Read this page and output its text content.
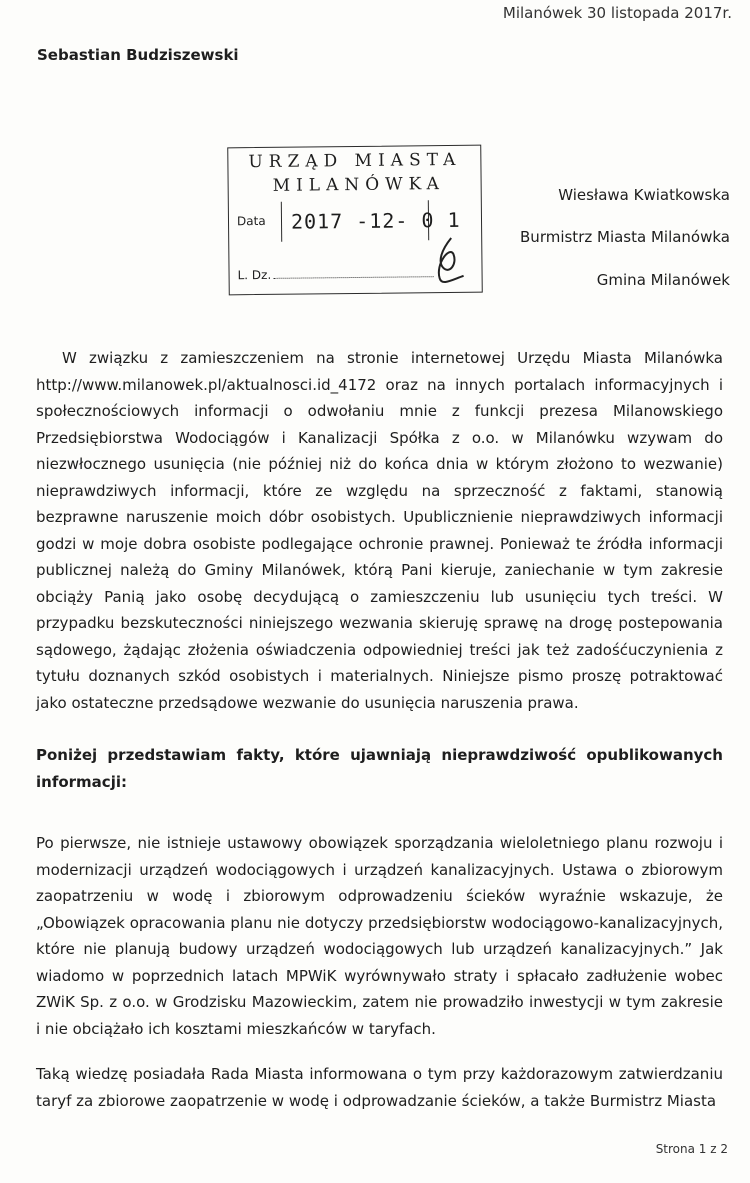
Milanówek 30 listopada 2017r.
Sebastian Budziszewski
URZĄD MIASTA
MILANÓWKA
Data 2017 -12- 0 1
L. Dz.
Wiesława Kwiatkowska
Burmistrz Miasta Milanówka
Gmina Milanówek
W związku z zamieszczeniem na stronie internetowej Urzędu Miasta Milanówka http://www.milanowek.pl/aktualnosci.id_4172 oraz na innych portalach informacyjnych i społecznościowych informacji o odwołaniu mnie z funkcji prezesa Milanowskiego Przedsiębiorstwa Wodociągów i Kanalizacji Spółka z o.o. w Milanówku wzywam do niezwłocznego usunięcia (nie później niż do końca dnia w którym złożono to wezwanie) nieprawdziwych informacji, które ze względu na sprzeczność z faktami, stanowią bezprawne naruszenie moich dóbr osobistych. Upublicznienie nieprawdziwych informacji godzi w moje dobra osobiste podlegające ochronie prawnej. Ponieważ te źródła informacji publicznej należą do Gminy Milanówek, którą Pani kieruje, zaniechanie w tym zakresie obciąży Panią jako osobę decydującą o zamieszczeniu lub usunięciu tych treści. W przypadku bezskuteczności niniejszego wezwania skieruję sprawę na drogę postepowania sądowego, żądając złożenia oświadczenia odpowiedniej treści jak też zadośćuczynienia z tytułu doznanych szkód osobistych i materialnych. Niniejsze pismo proszę potraktować jako ostateczne przedsądowe wezwanie do usunięcia naruszenia prawa.
Poniżej przedstawiam fakty, które ujawniają nieprawdziwość opublikowanych informacji:
Po pierwsze, nie istnieje ustawowy obowiązek sporządzania wieloletniego planu rozwoju i modernizacji urządzeń wodociągowych i urządzeń kanalizacyjnych. Ustawa o zbiorowym zaopatrzeniu w wodę i zbiorowym odprowadzeniu ścieków wyraźnie wskazuje, że „Obowiązek opracowania planu nie dotyczy przedsiębiorstw wodociągowo-kanalizacyjnych, które nie planują budowy urządzeń wodociągowych lub urządzeń kanalizacyjnych.” Jak wiadomo w poprzednich latach MPWiK wyrównywało straty i spłacało zadłużenie wobec ZWiK Sp. z o.o. w Grodzisku Mazowieckim, zatem nie prowadziło inwestycji w tym zakresie i nie obciążało ich kosztami mieszkańców w taryfach.
Taką wiedzę posiadała Rada Miasta informowana o tym przy każdorazowym zatwierdzaniu taryf za zbiorowe zaopatrzenie w wodę i odprowadzanie ścieków, a także Burmistrz Miasta
Strona 1 z 2
